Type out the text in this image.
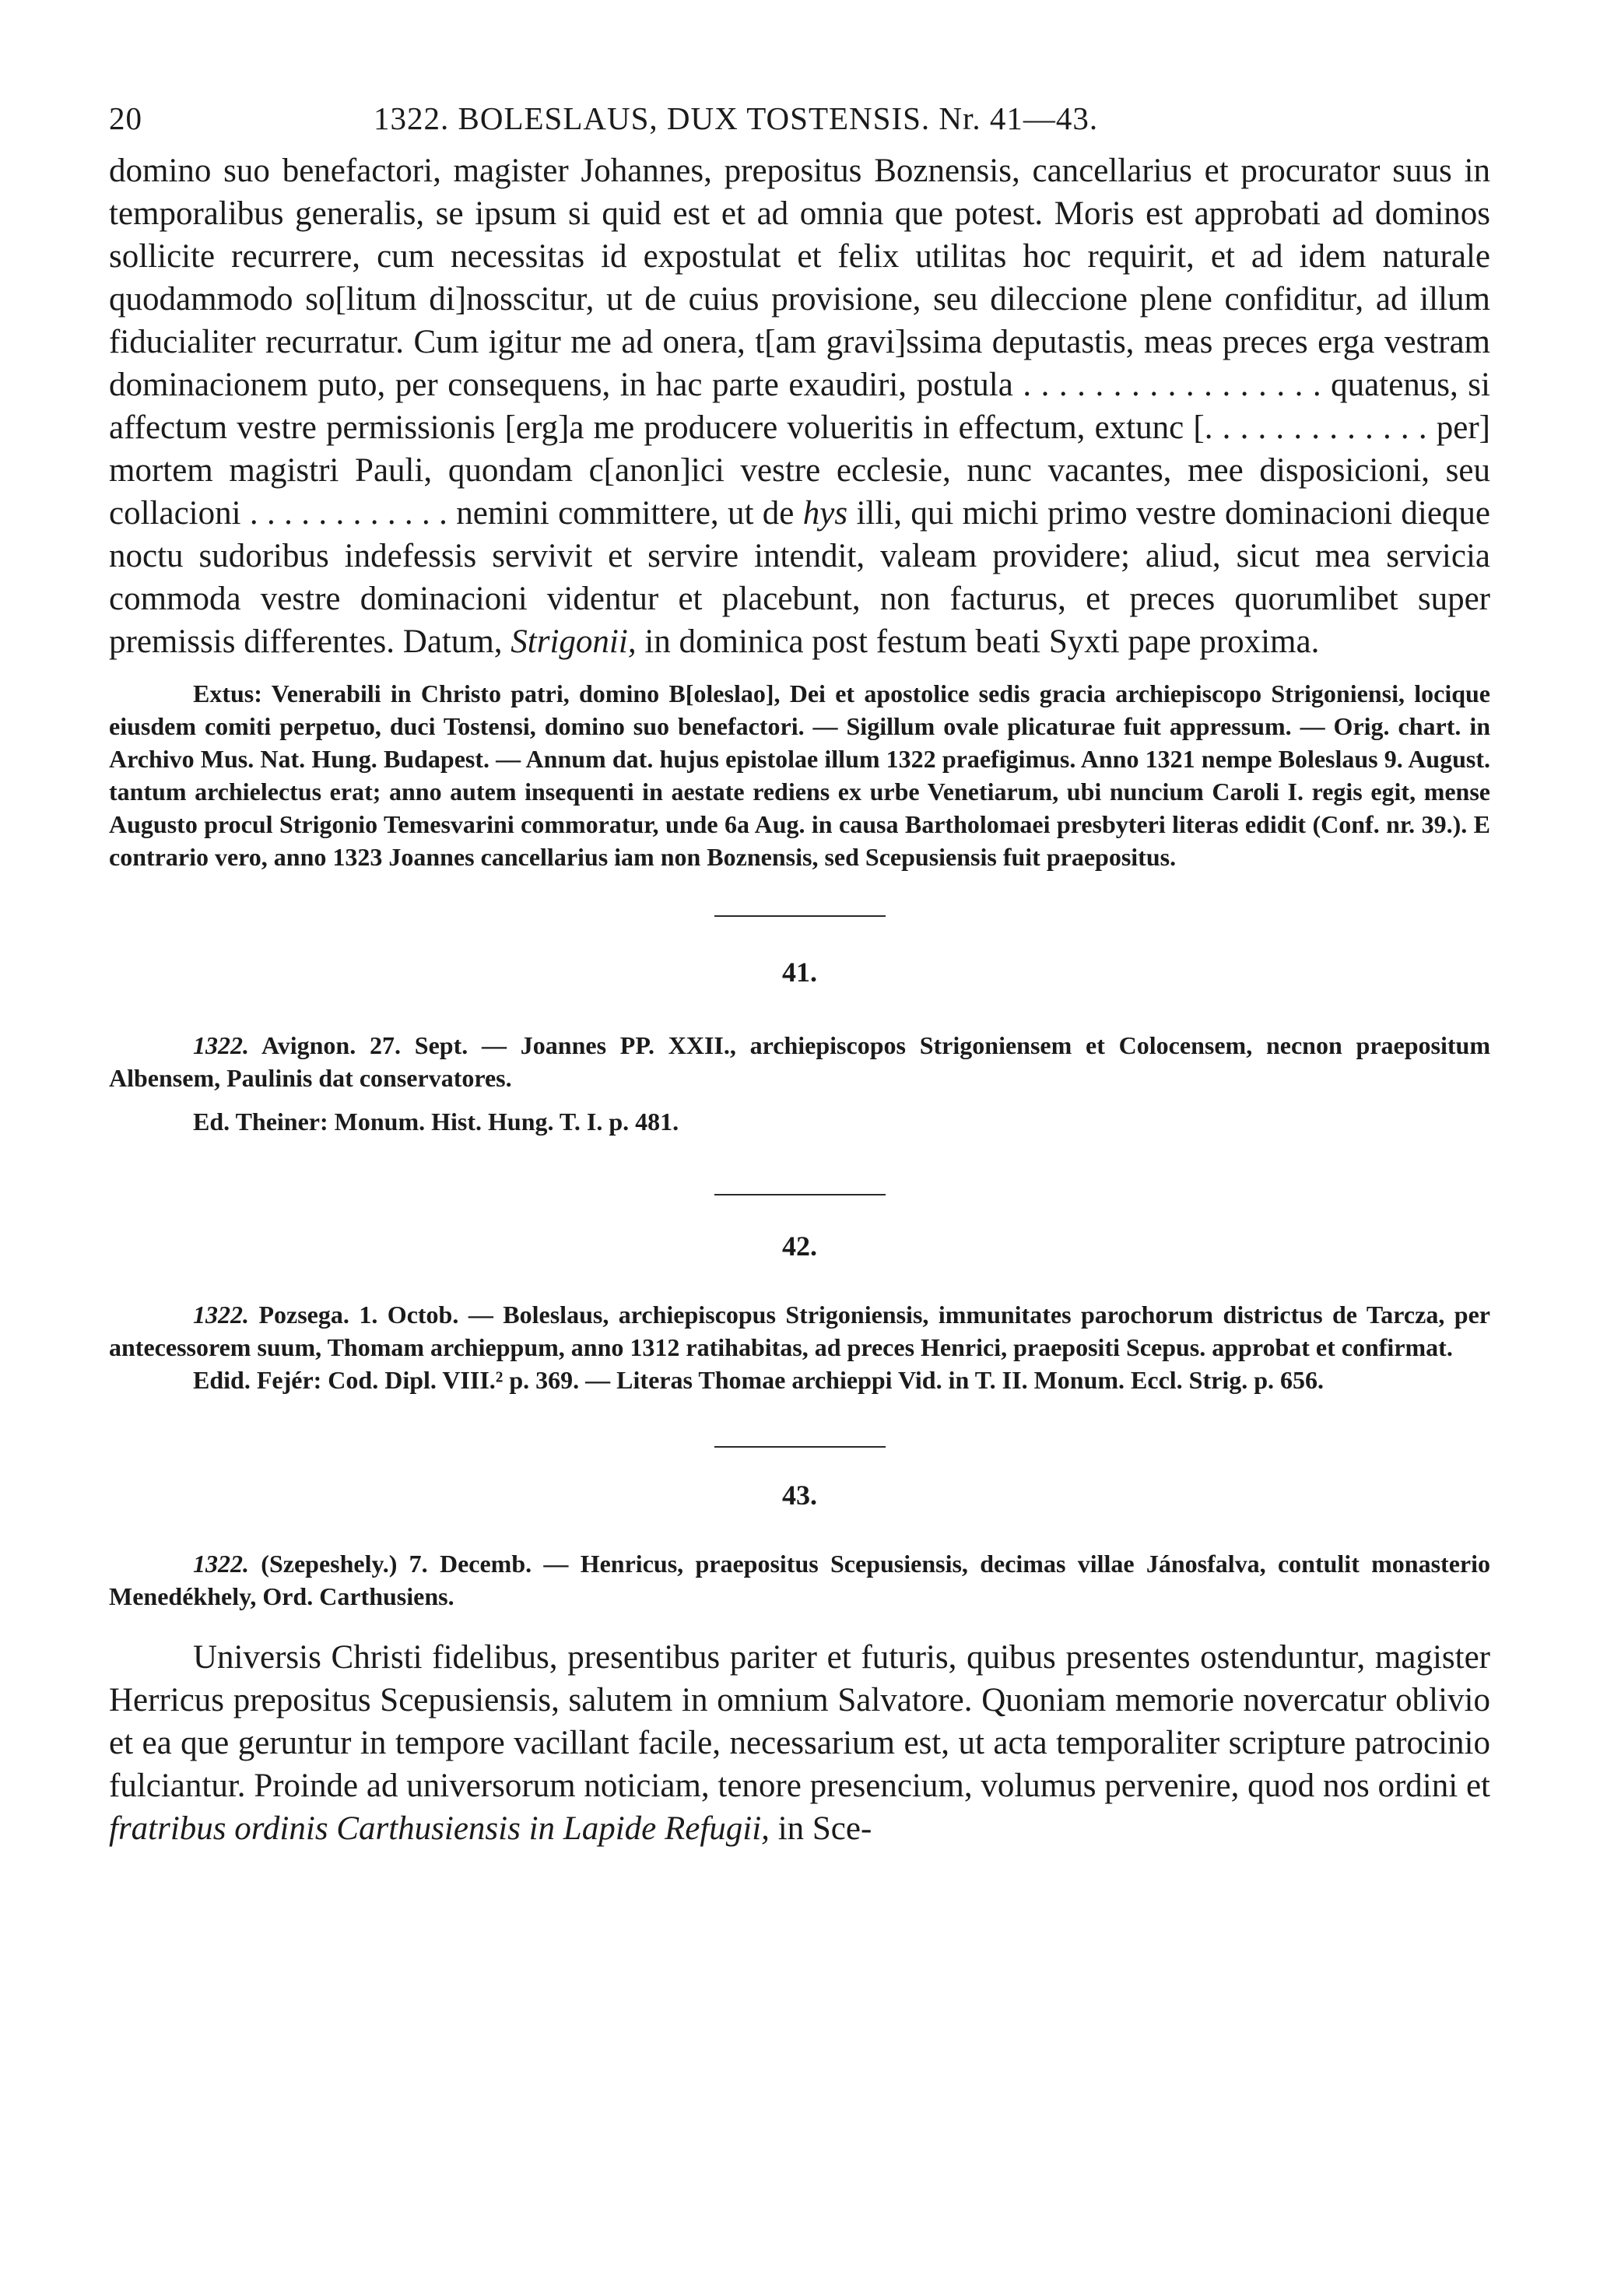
20	1322. BOLESLAUS, DUX TOSTENSIS. Nr. 41—43.

domino suo benefactori, magister Johannes, prepositus Boznensis, cancellarius et procurator suus in temporalibus generalis, se ipsum si quid est et ad omnia que potest. Moris est approbati ad dominos sollicite recurrere, cum necessitas id expostulat et felix utilitas hoc requirit, et ad idem naturale quodammodo so[litum di]nosscitur, ut de cuius provisione, seu dileccione plene confiditur, ad illum fiducialiter recurratur. Cum igitur me ad onera, t[am gravi]ssima deputastis, meas preces erga vestram dominacionem puto, per consequens, in hac parte exaudiri, postula . . . . . . . . . . . . . . . . . quatenus, si affectum vestre permissionis [erg]a me producere volueritis in effectum, extunc [. . . . . . . . . . . . . per] mortem magistri Pauli, quondam c[anon]ici vestre ecclesie, nunc vacantes, mee disposicioni, seu collacioni . . . . . . . . . . . . nemini committere, ut de hys illi, qui michi primo vestre dominacioni dieque noctu sudoribus indefessis servivit et servire intendit, valeam providere; aliud, sicut mea servicia commoda vestre dominacioni videntur et placebunt, non facturus, et preces quorumlibet super premissis differentes. Datum, Strigonii, in dominica post festum beati Syxti pape proxima.

Extus: Venerabili in Christo patri, domino B[oleslao], Dei et apostolice sedis gracia archiepiscopo Strigoniensi, locique eiusdem comiti perpetuo, duci Tostensi, domino suo benefactori. — Sigillum ovale plicaturae fuit appressum. — Orig. chart. in Archivo Mus. Nat. Hung. Budapest. — Annum dat. hujus epistolae illum 1322 praefigimus. Anno 1321 nempe Boleslaus 9. August. tantum archielectus erat; anno autem insequenti in aestate rediens ex urbe Venetiarum, ubi nuncium Caroli I. regis egit, mense Augusto procul Strigonio Temesvarini commoratur, unde 6a Aug. in causa Bartholomaei presbyteri literas edidit (Conf. nr. 39.). E contrario vero, anno 1323 Joannes cancellarius iam non Boznensis, sed Scepusiensis fuit praepositus.

41.

1322. Avignon. 27. Sept. — Joannes PP. XXII., archiepiscopos Strigoniensem et Colocensem, necnon praepositum Albensem, Paulinis dat conservatores.

Ed. Theiner: Monum. Hist. Hung. T. I. p. 481.

42.

1322. Pozsega. 1. Octob. — Boleslaus, archiepiscopus Strigoniensis, immunitates parochorum districtus de Tarcza, per antecessorem suum, Thomam archieppum, anno 1312 ratihabitas, ad preces Henrici, praepositi Scepus. approbat et confirmat.

Edid. Fejér: Cod. Dipl. VIII.² p. 369. — Literas Thomae archieppi Vid. in T. II. Monum. Eccl. Strig. p. 656.

43.

1322. (Szepeshely.) 7. Decemb. — Henricus, praepositus Scepusiensis, decimas villae Jánosfalva, contulit monasterio Menedékhely, Ord. Carthusiens.

Universis Christi fidelibus, presentibus pariter et futuris, quibus presentes ostenduntur, magister Herricus prepositus Scepusiensis, salutem in omnium Salvatore. Quoniam memorie novercatur oblivio et ea que geruntur in tempore vacillant facile, necessarium est, ut acta temporaliter scripture patrocinio fulciantur. Proinde ad universorum noticiam, tenore presencium, volumus pervenire, quod nos ordini et fratribus ordinis Carthusiensis in Lapide Refugii, in Sce-
